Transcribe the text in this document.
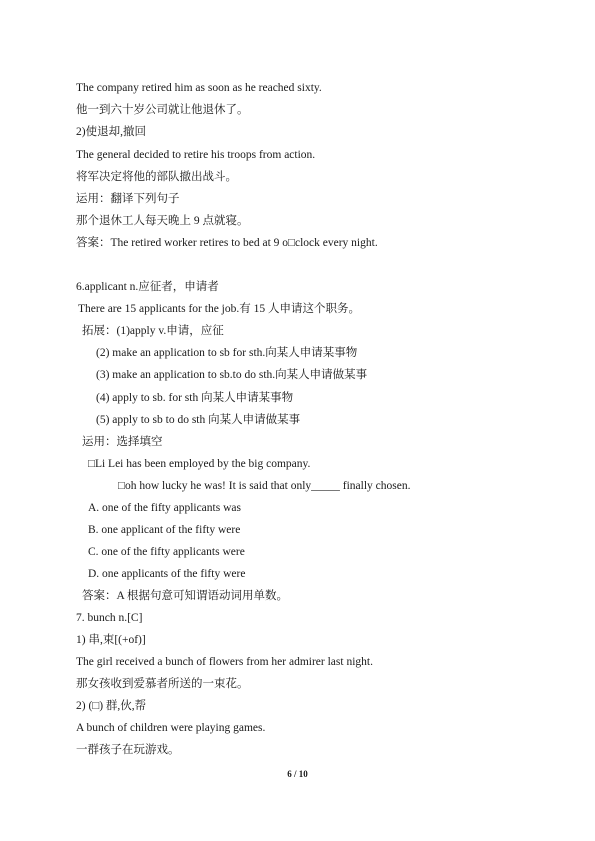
The company retired him as soon as he reached sixty.
他一到六十岁公司就让他退休了。
2)使退却,撤回
The general decided to retire his troops from action.
将军决定将他的部队撤出战斗。
运用：翻译下列句子
那个退休工人每天晚上 9 点就寝。
答案：The retired worker retires to bed at 9 o□clock every night.
6.applicant n.应征者，申请者
There are 15 applicants for the job.有 15 人申请这个职务。
拓展：(1)apply v.申请，应征
(2) make an application to sb for sth.向某人申请某事物
(3) make an application to sb.to do sth.向某人申请做某事
(4) apply to sb. for sth 向某人申请某事物
(5) apply to sb to do sth 向某人申请做某事
运用：选择填空
□Li Lei has been employed by the big company.
□oh how lucky he was! It is said that only_____ finally chosen.
A. one of the fifty applicants was
B. one applicant of the fifty were
C. one of the fifty applicants were
D. one applicants of the fifty were
答案：A 根据句意可知谓语动词用单数。
7. bunch n.[C]
1) 串,束[(+of)]
The girl received a bunch of flowers from her admirer last night.
那女孩收到爱慕者所送的一束花。
2) (□) 群,伙,帮
A bunch of children were playing games.
一群孩子在玩游戏。
6 / 10
